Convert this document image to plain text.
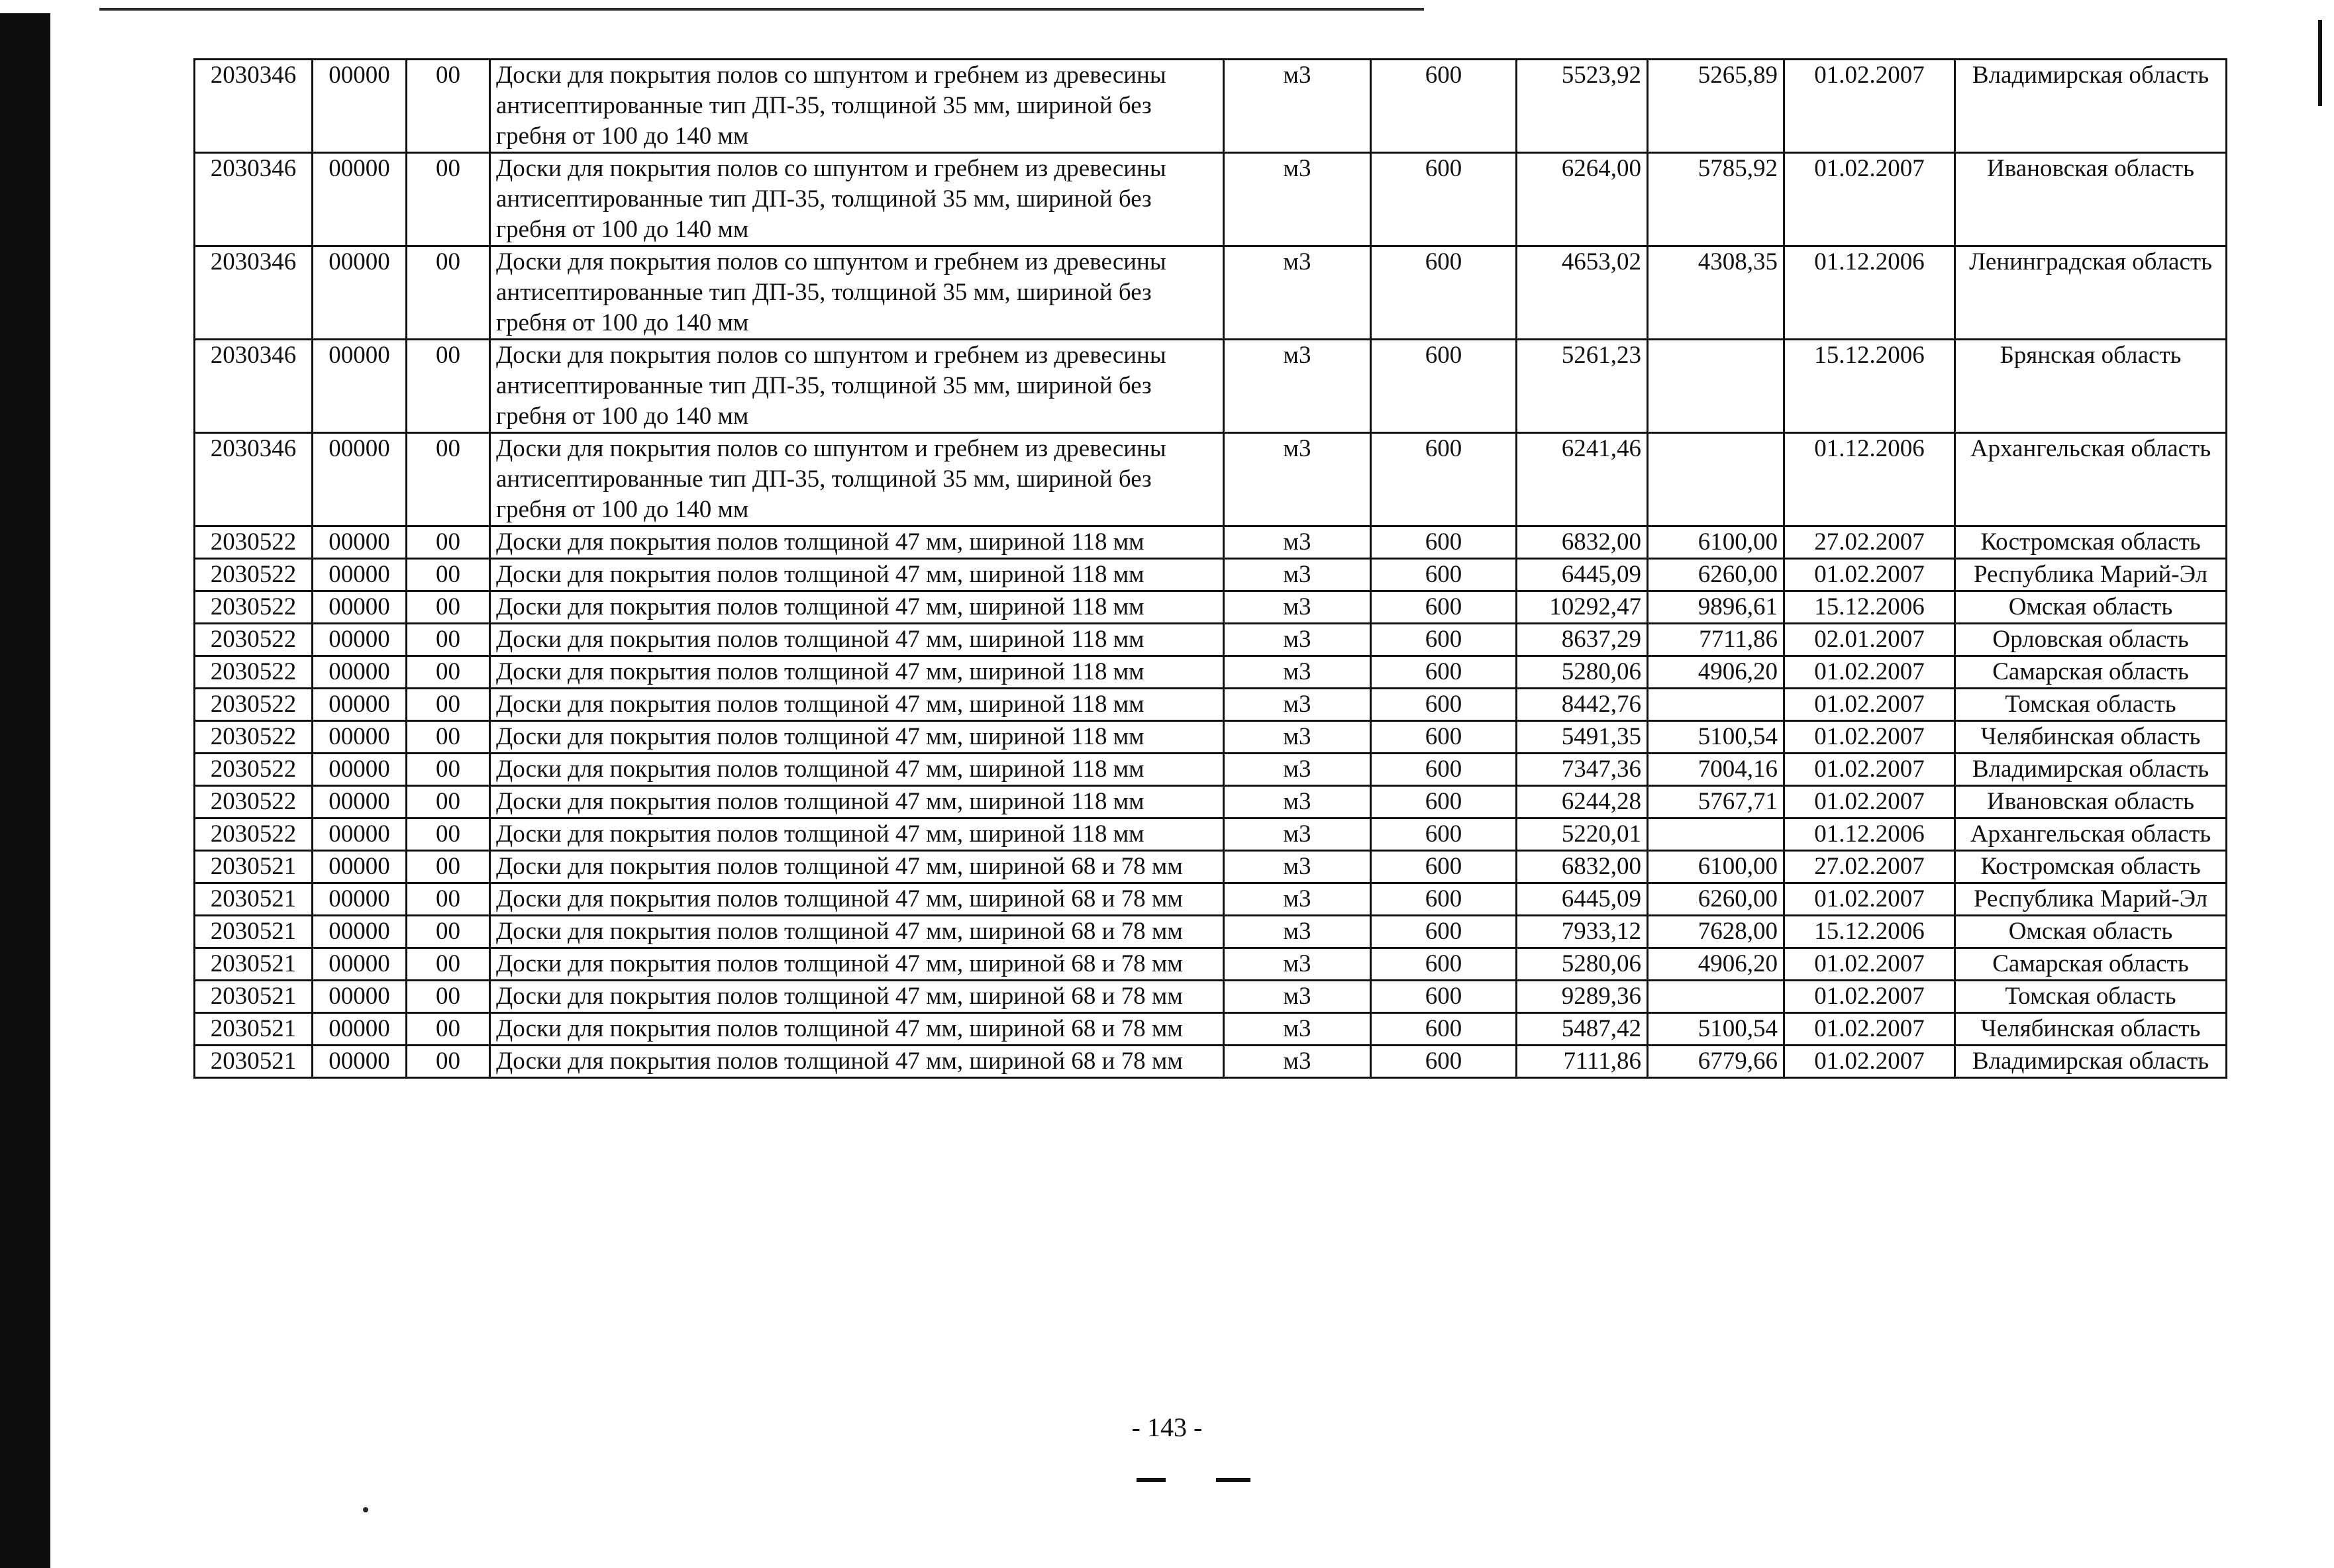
2030346	00000	00	Доски для покрытия полов со шпунтом и гребнем из древесины антисептированные тип ДП-35, толщиной 35 мм, шириной без гребня от 100 до 140 мм	м3	600	5523,92	5265,89	01.02.2007	Владимирская область
2030346	00000	00	Доски для покрытия полов со шпунтом и гребнем из древесины антисептированные тип ДП-35, толщиной 35 мм, шириной без гребня от 100 до 140 мм	м3	600	6264,00	5785,92	01.02.2007	Ивановская область
2030346	00000	00	Доски для покрытия полов со шпунтом и гребнем из древесины антисептированные тип ДП-35, толщиной 35 мм, шириной без гребня от 100 до 140 мм	м3	600	4653,02	4308,35	01.12.2006	Ленинградская область
2030346	00000	00	Доски для покрытия полов со шпунтом и гребнем из древесины антисептированные тип ДП-35, толщиной 35 мм, шириной без гребня от 100 до 140 мм	м3	600	5261,23		15.12.2006	Брянская область
2030346	00000	00	Доски для покрытия полов со шпунтом и гребнем из древесины антисептированные тип ДП-35, толщиной 35 мм, шириной без гребня от 100 до 140 мм	м3	600	6241,46		01.12.2006	Архангельская область
2030522	00000	00	Доски для покрытия полов толщиной 47 мм, шириной 118 мм	м3	600	6832,00	6100,00	27.02.2007	Костромская область
2030522	00000	00	Доски для покрытия полов толщиной 47 мм, шириной 118 мм	м3	600	6445,09	6260,00	01.02.2007	Республика Марий-Эл
2030522	00000	00	Доски для покрытия полов толщиной 47 мм, шириной 118 мм	м3	600	10292,47	9896,61	15.12.2006	Омская область
2030522	00000	00	Доски для покрытия полов толщиной 47 мм, шириной 118 мм	м3	600	8637,29	7711,86	02.01.2007	Орловская область
2030522	00000	00	Доски для покрытия полов толщиной 47 мм, шириной 118 мм	м3	600	5280,06	4906,20	01.02.2007	Самарская область
2030522	00000	00	Доски для покрытия полов толщиной 47 мм, шириной 118 мм	м3	600	8442,76		01.02.2007	Томская область
2030522	00000	00	Доски для покрытия полов толщиной 47 мм, шириной 118 мм	м3	600	5491,35	5100,54	01.02.2007	Челябинская область
2030522	00000	00	Доски для покрытия полов толщиной 47 мм, шириной 118 мм	м3	600	7347,36	7004,16	01.02.2007	Владимирская область
2030522	00000	00	Доски для покрытия полов толщиной 47 мм, шириной 118 мм	м3	600	6244,28	5767,71	01.02.2007	Ивановская область
2030522	00000	00	Доски для покрытия полов толщиной 47 мм, шириной 118 мм	м3	600	5220,01		01.12.2006	Архангельская область
2030521	00000	00	Доски для покрытия полов толщиной 47 мм, шириной 68 и 78 мм	м3	600	6832,00	6100,00	27.02.2007	Костромская область
2030521	00000	00	Доски для покрытия полов толщиной 47 мм, шириной 68 и 78 мм	м3	600	6445,09	6260,00	01.02.2007	Республика Марий-Эл
2030521	00000	00	Доски для покрытия полов толщиной 47 мм, шириной 68 и 78 мм	м3	600	7933,12	7628,00	15.12.2006	Омская область
2030521	00000	00	Доски для покрытия полов толщиной 47 мм, шириной 68 и 78 мм	м3	600	5280,06	4906,20	01.02.2007	Самарская область
2030521	00000	00	Доски для покрытия полов толщиной 47 мм, шириной 68 и 78 мм	м3	600	9289,36		01.02.2007	Томская область
2030521	00000	00	Доски для покрытия полов толщиной 47 мм, шириной 68 и 78 мм	м3	600	5487,42	5100,54	01.02.2007	Челябинская область
2030521	00000	00	Доски для покрытия полов толщиной 47 мм, шириной 68 и 78 мм	м3	600	7111,86	6779,66	01.02.2007	Владимирская область
- 143 -
